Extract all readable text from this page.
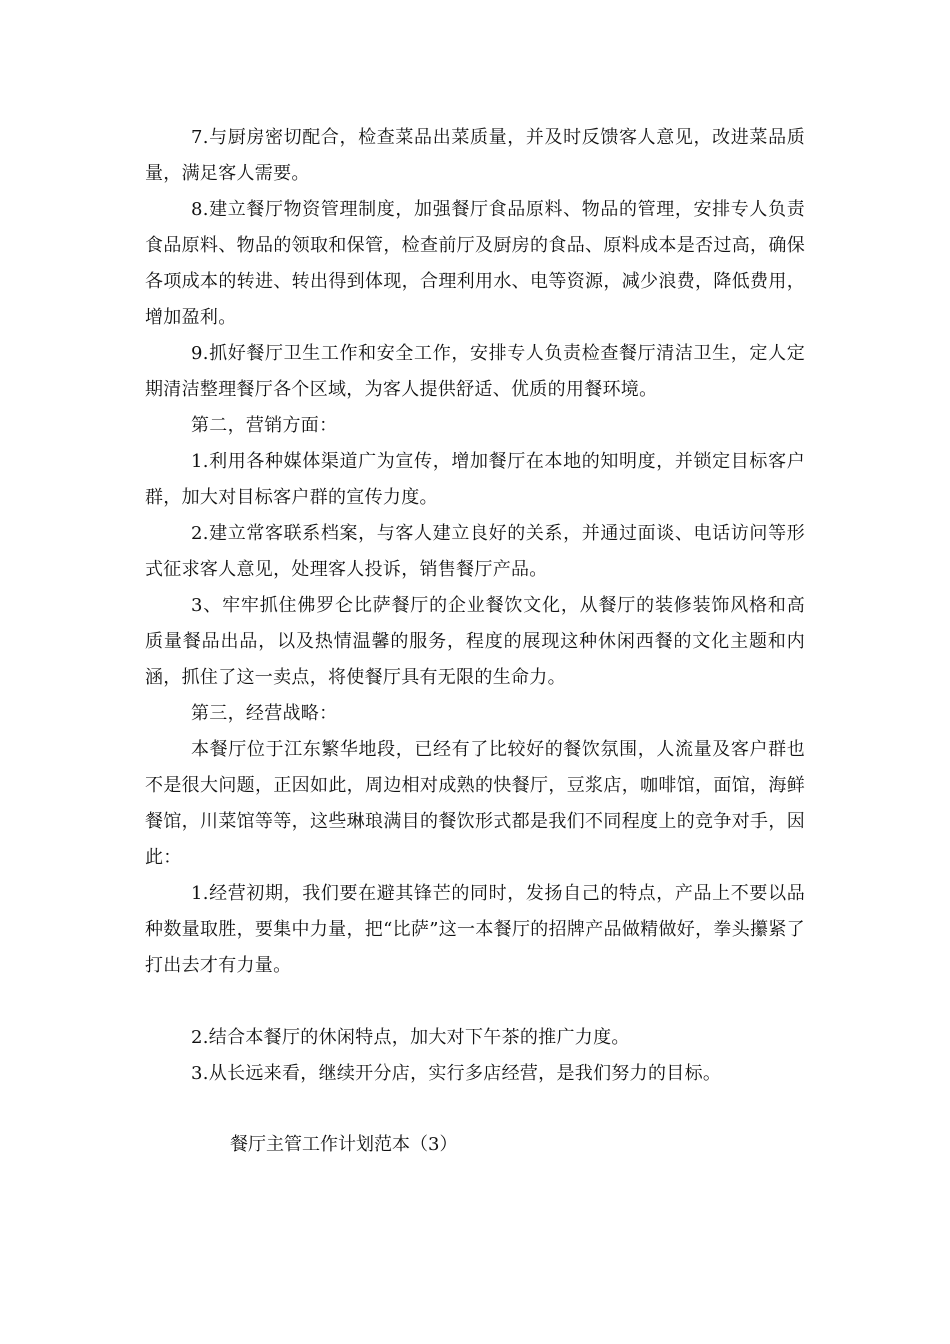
7.与厨房密切配合，检查菜品出菜质量，并及时反馈客人意见，改进菜品质量，满足客人需要。

8.建立餐厅物资管理制度，加强餐厅食品原料、物品的管理，安排专人负责食品原料、物品的领取和保管，检查前厅及厨房的食品、原料成本是否过高，确保各项成本的转进、转出得到体现，合理利用水、电等资源，减少浪费，降低费用，增加盈利。

9.抓好餐厅卫生工作和安全工作，安排专人负责检查餐厅清洁卫生，定人定期清洁整理餐厅各个区域，为客人提供舒适、优质的用餐环境。

第二，营销方面：

1.利用各种媒体渠道广为宣传，增加餐厅在本地的知明度，并锁定目标客户群，加大对目标客户群的宣传力度。

2.建立常客联系档案，与客人建立良好的关系，并通过面谈、电话访问等形式征求客人意见，处理客人投诉，销售餐厅产品。

3、牢牢抓住佛罗仑比萨餐厅的企业餐饮文化，从餐厅的装修装饰风格和高质量餐品出品，以及热情温馨的服务，程度的展现这种休闲西餐的文化主题和内涵，抓住了这一卖点，将使餐厅具有无限的生命力。

第三，经营战略：

本餐厅位于江东繁华地段，已经有了比较好的餐饮氛围，人流量及客户群也不是很大问题，正因如此，周边相对成熟的快餐厅，豆浆店，咖啡馆，面馆，海鲜餐馆，川菜馆等等，这些琳琅满目的餐饮形式都是我们不同程度上的竞争对手，因此：

1.经营初期，我们要在避其锋芒的同时，发扬自己的特点，产品上不要以品种数量取胜，要集中力量，把“比萨”这一本餐厅的招牌产品做精做好，拳头攥紧了打出去才有力量。

2.结合本餐厅的休闲特点，加大对下午茶的推广力度。

3.从长远来看，继续开分店，实行多店经营，是我们努力的目标。

餐厅主管工作计划范本（3）
